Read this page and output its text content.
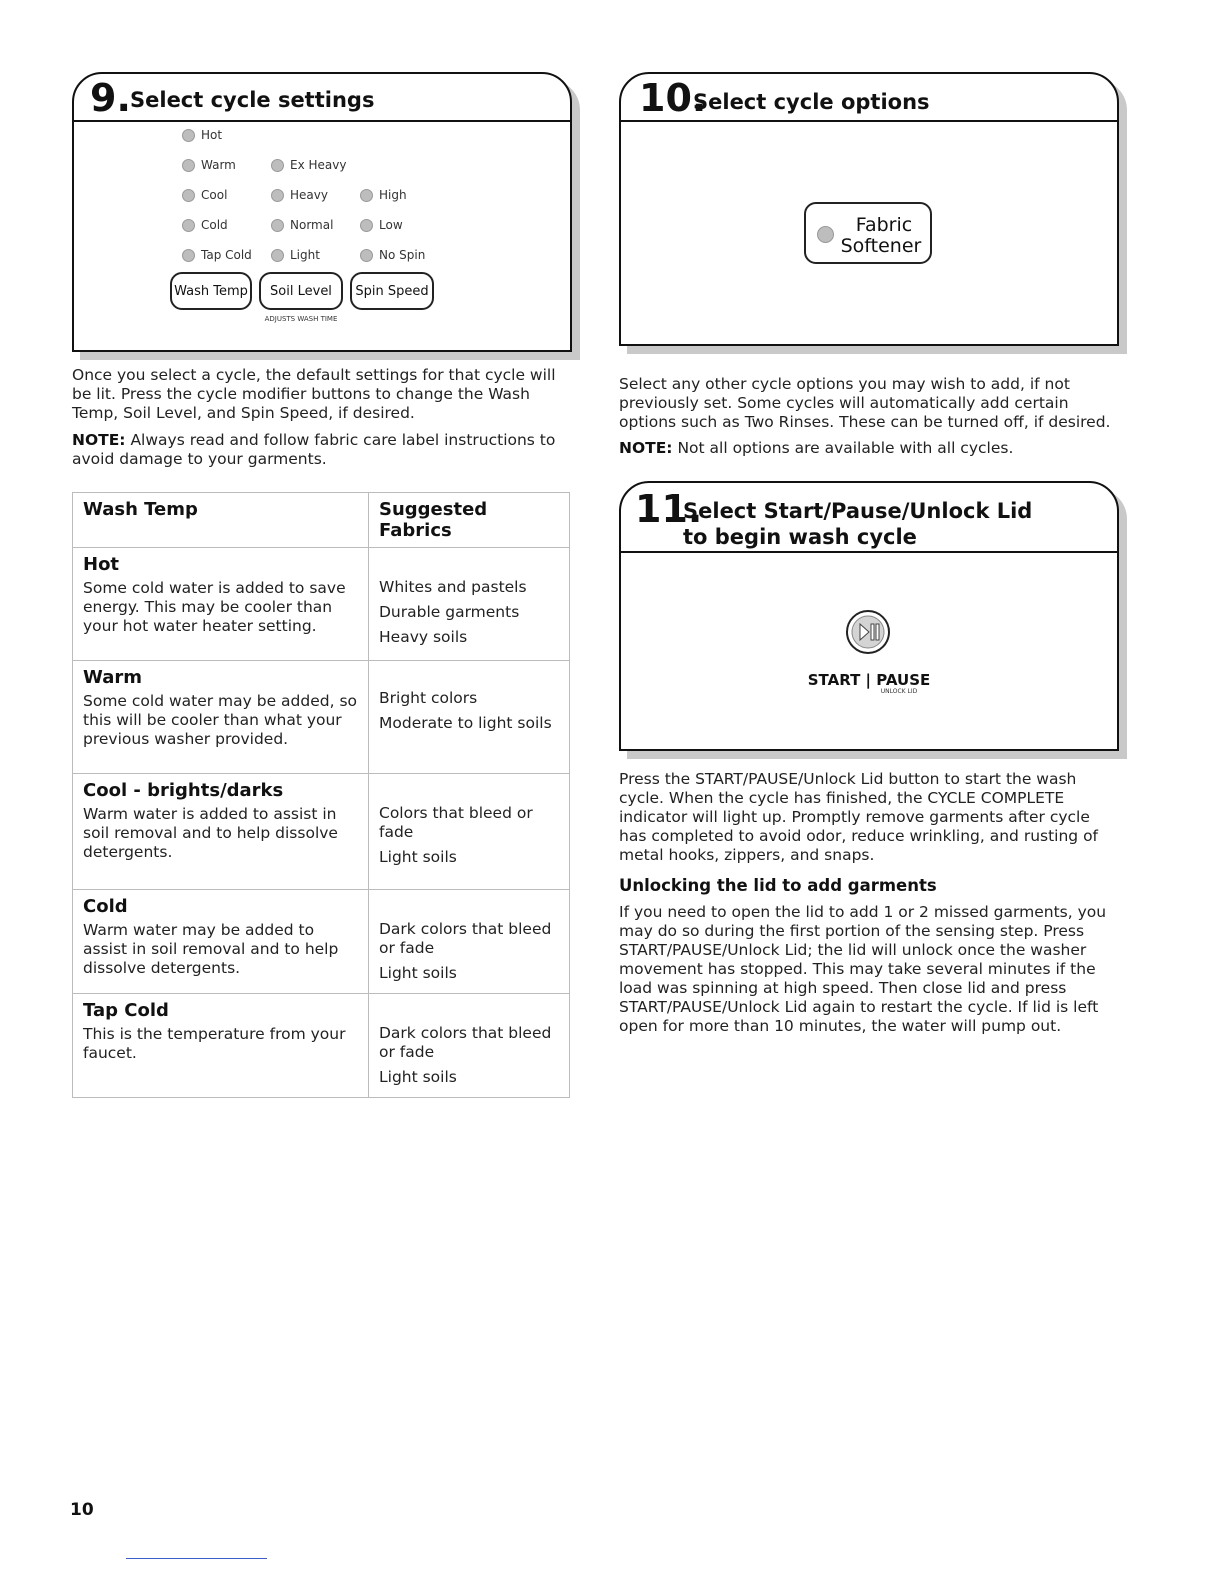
9. Select cycle settings
Hot
Warm
Cool
Cold
Tap Cold
Ex Heavy
Heavy
Normal
Light
High
Low
No Spin
Wash Temp	Soil Level	Spin Speed
ADJUSTS WASH TIME
Once you select a cycle, the default settings for that cycle will be lit. Press the cycle modifier buttons to change the Wash Temp, Soil Level, and Spin Speed, if desired.
NOTE: Always read and follow fabric care label instructions to avoid damage to your garments.
Wash Temp	Suggested Fabrics

Hot
Some cold water is added to save energy. This may be cooler than your hot water heater setting.	Whites and pastels
Durable garments
Heavy soils

Warm
Some cold water may be added, so this will be cooler than what your previous washer provided.	Bright colors
Moderate to light soils

Cool - brights/darks
Warm water is added to assist in soil removal and to help dissolve detergents.	Colors that bleed or fade
Light soils

Cold
Warm water may be added to assist in soil removal and to help dissolve detergents.	Dark colors that bleed or fade
Light soils

Tap Cold
This is the temperature from your faucet.	Dark colors that bleed or fade
Light soils
10.
Select cycle options
Fabric
Softener
Select any other cycle options you may wish to add, if not previously set. Some cycles will automatically add certain options such as Two Rinses. These can be turned off, if desired.
NOTE: Not all options are available with all cycles.
11.
Select Start/Pause/Unlock Lid
to begin wash cycle
START | PAUSE
UNLOCK LID
Press the START/PAUSE/Unlock Lid button to start the wash cycle. When the cycle has finished, the CYCLE COMPLETE indicator will light up. Promptly remove garments after cycle has completed to avoid odor, reduce wrinkling, and rusting of metal hooks, zippers, and snaps.
Unlocking the lid to add garments
If you need to open the lid to add 1 or 2 missed garments, you may do so during the first portion of the sensing step. Press START/PAUSE/Unlock Lid; the lid will unlock once the washer movement has stopped. This may take several minutes if the load was spinning at high speed. Then close lid and press START/PAUSE/Unlock Lid again to restart the cycle. If lid is left open for more than 10 minutes, the water will pump out.
10
